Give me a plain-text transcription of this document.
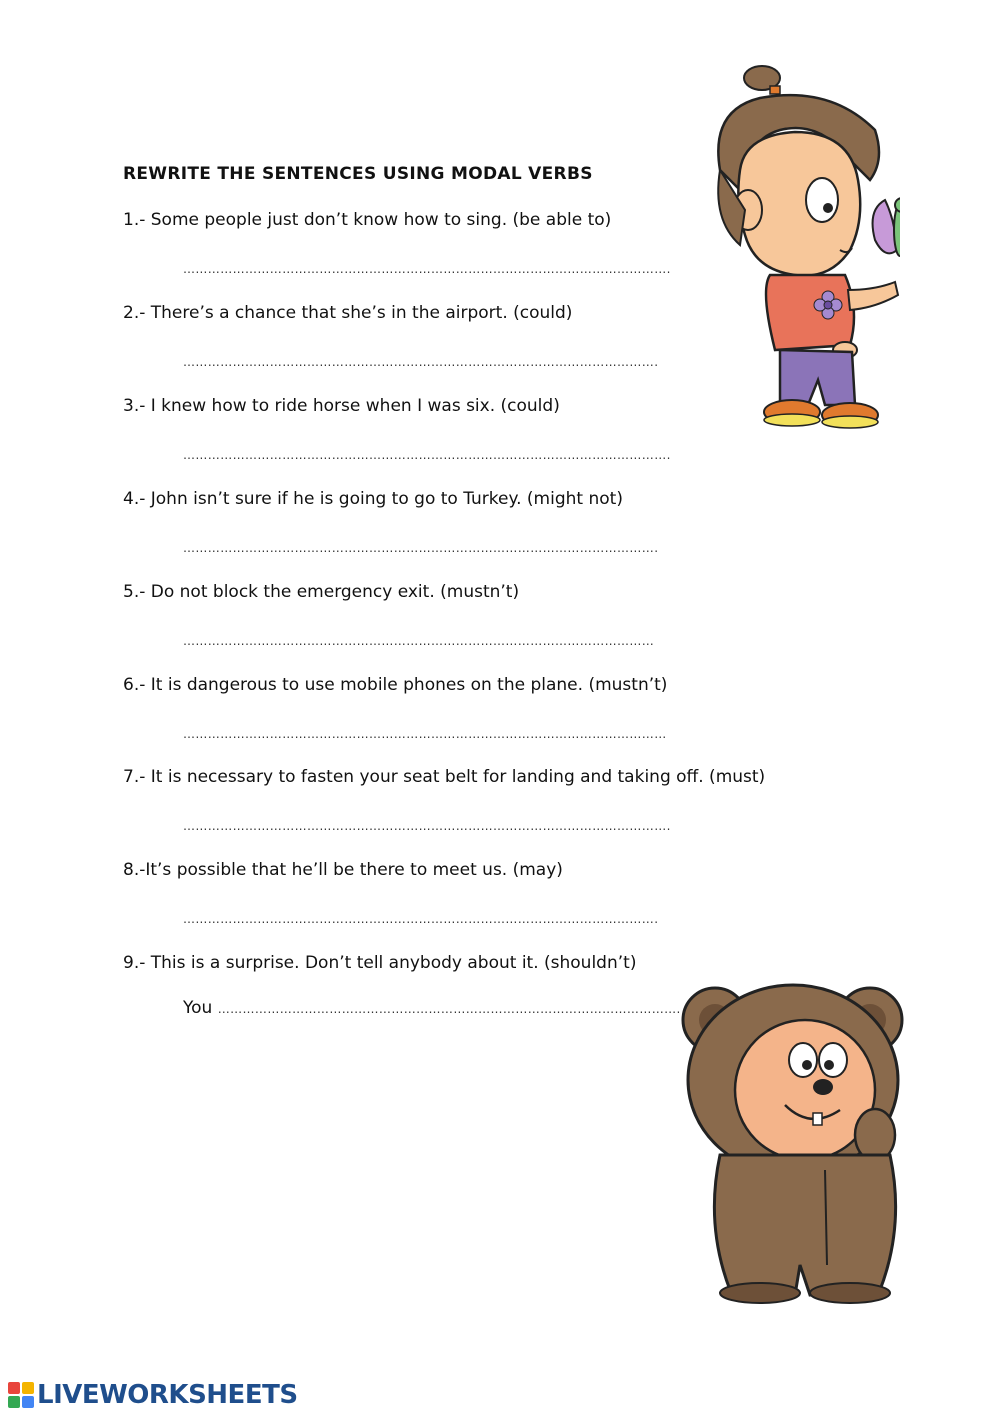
REWRITE THE SENTENCES USING MODAL VERBS
1.- Some people just don’t know how to sing. (be able to)
……………………………………………………………………………………………………….
2.- There’s a chance that she’s in the airport. (could)
…………………………………………………………………………………………………….
3.- I knew how to ride horse when I was six. (could)
……………………………………………………………………………………………………….
4.- John isn’t sure if he is going to go to Turkey. (might not)
…………………………………………………………………………………………………….
5.- Do not block the emergency exit. (mustn’t)
……………………………………………………………………………………………………
6.- It is dangerous to use mobile phones on the plane. (mustn’t)
………………………………………………………………………………………………………
7.- It is necessary to fasten your seat belt for landing and taking off. (must)
……………………………………………………………………………………………………….
8.-It’s possible that he’ll be there to meet us. (may)
…………………………………………………………………………………………………….
9.- This is a surprise. Don’t tell anybody about it. (shouldn’t)
You ………………………………………………………………………………………………….
LIVEWORKSHEETS
